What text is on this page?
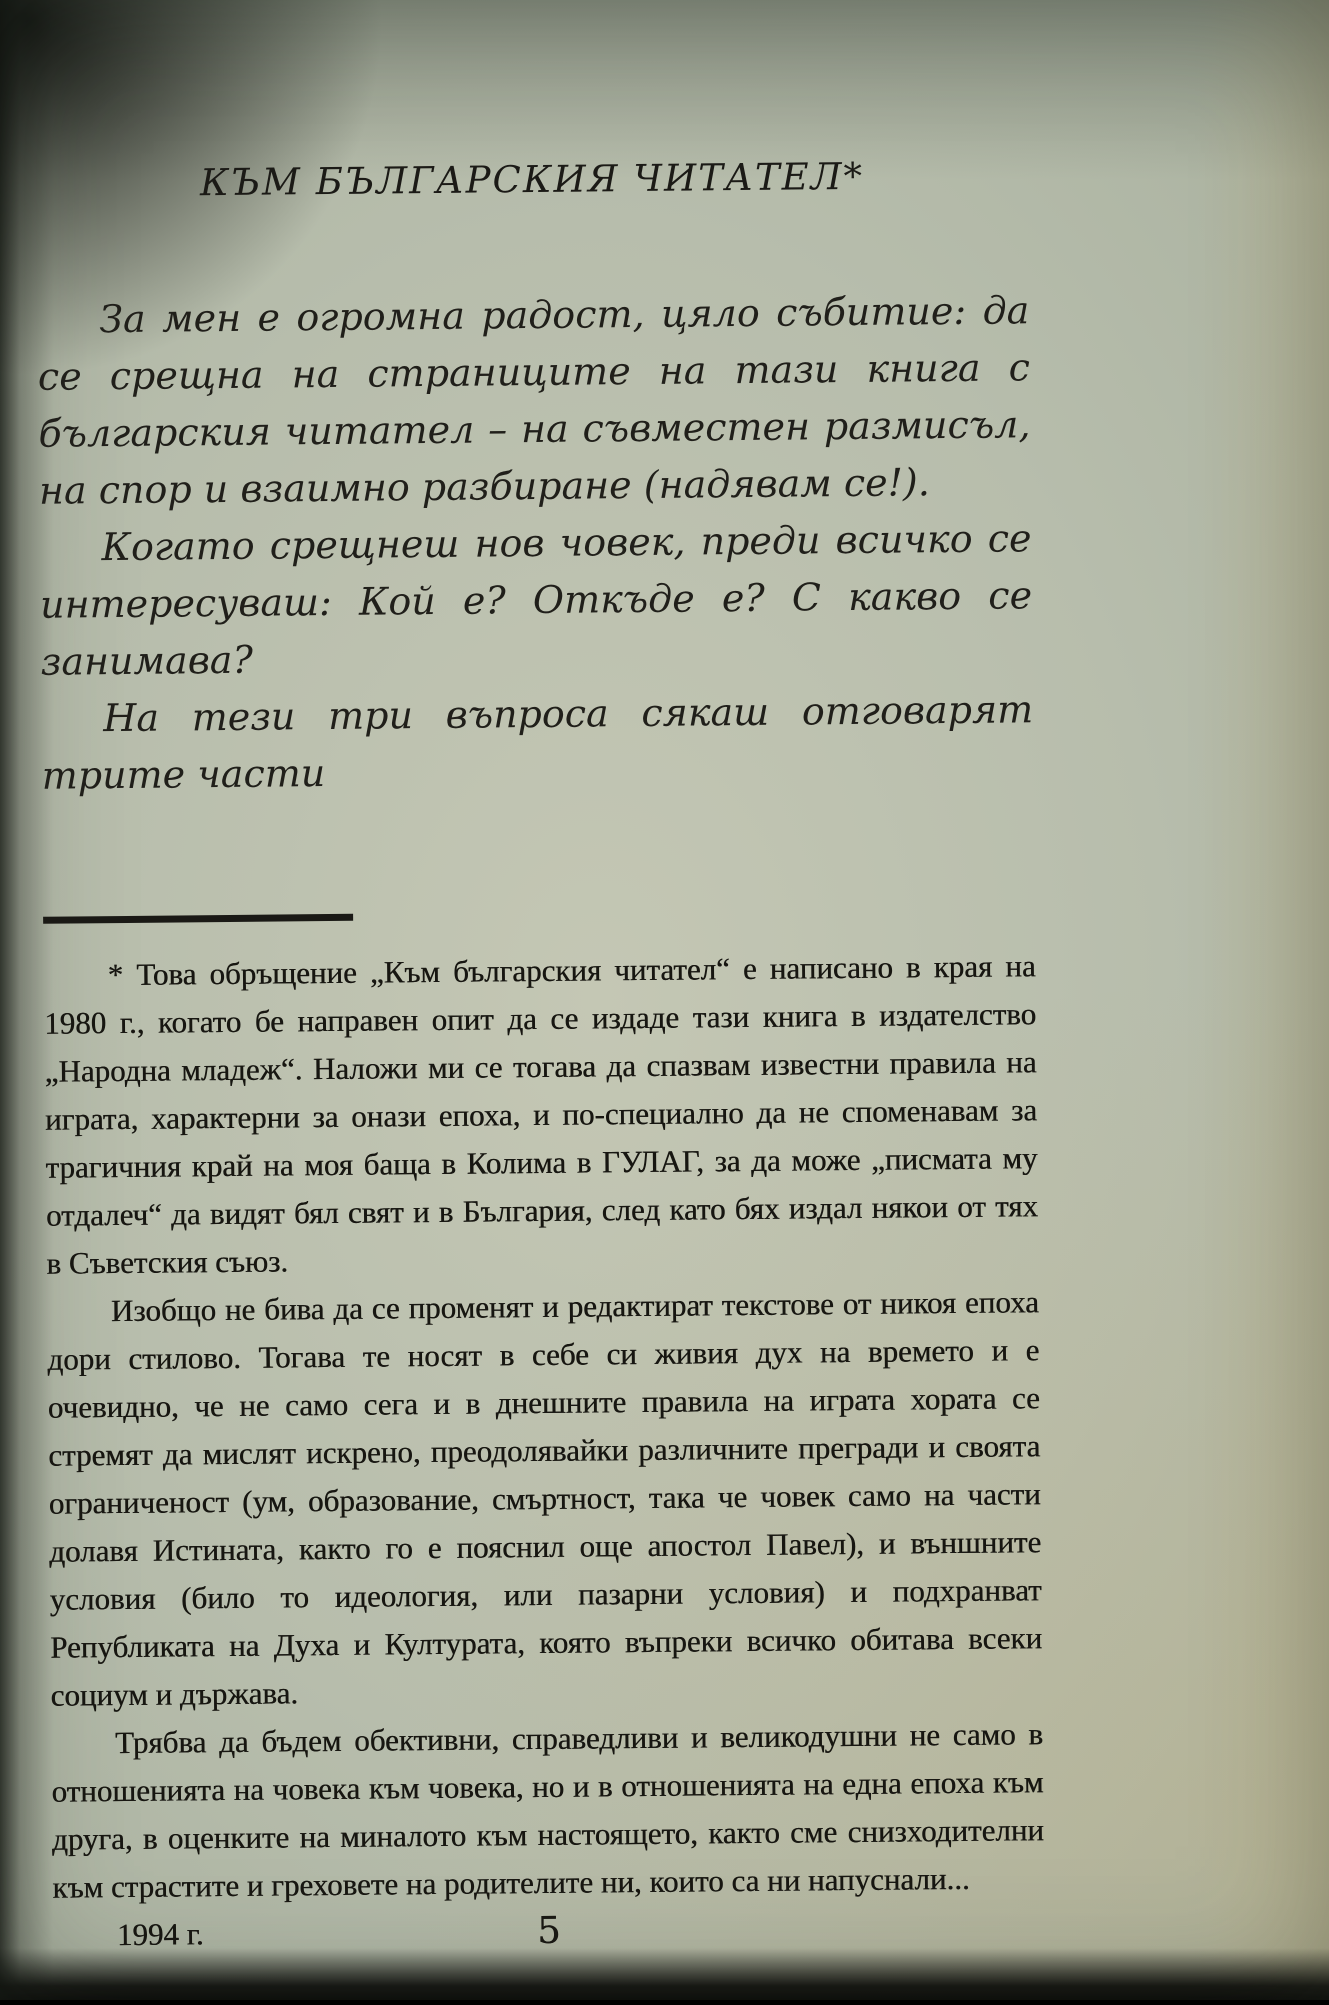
КЪМ БЪЛГАРСКИЯ ЧИТАТЕЛ*

За мен е огромна радост, цяло събитие: да се срещна на страниците на тази книга с българския читател – на съвместен размисъл, на спор и взаимно разбиране (надявам се!).

Когато срещнеш нов човек, преди всичко се интересуваш: Кой е? Откъде е? С какво се занимава?

На тези три въпроса сякаш отговарят трите части

* Това обръщение „Към българския читател“ е написано в края на 1980 г., когато бе направен опит да се издаде тази книга в издателство „Народна младеж“. Наложи ми се тогава да спазвам известни правила на играта, характерни за онази епоха, и по-специално да не споменавам за трагичния край на моя баща в Колима в ГУЛАГ, за да може „писмата му отдалеч“ да видят бял свят и в България, след като бях издал някои от тях в Съветския съюз.

Изобщо не бива да се променят и редактират текстове от никоя епоха дори стилово. Тогава те носят в себе си живия дух на времето и е очевидно, че не само сега и в днешните правила на играта хората се стремят да мислят искрено, преодолявайки различните прегради и своята ограниченост (ум, образование, смъртност, така че човек само на части долавя Истината, както го е пояснил още апостол Павел), и външните условия (било то идеология, или пазарни условия) и подхранват Републиката на Духа и Културата, която въпреки всичко обитава всеки социум и държава.

Трябва да бъдем обективни, справедливи и великодушни не само в отношенията на човека към човека, но и в отношенията на една епоха към друга, в оценките на миналото към настоящето, както сме снизходителни към страстите и греховете на родителите ни, които са ни напуснали...

1994 г.	5
